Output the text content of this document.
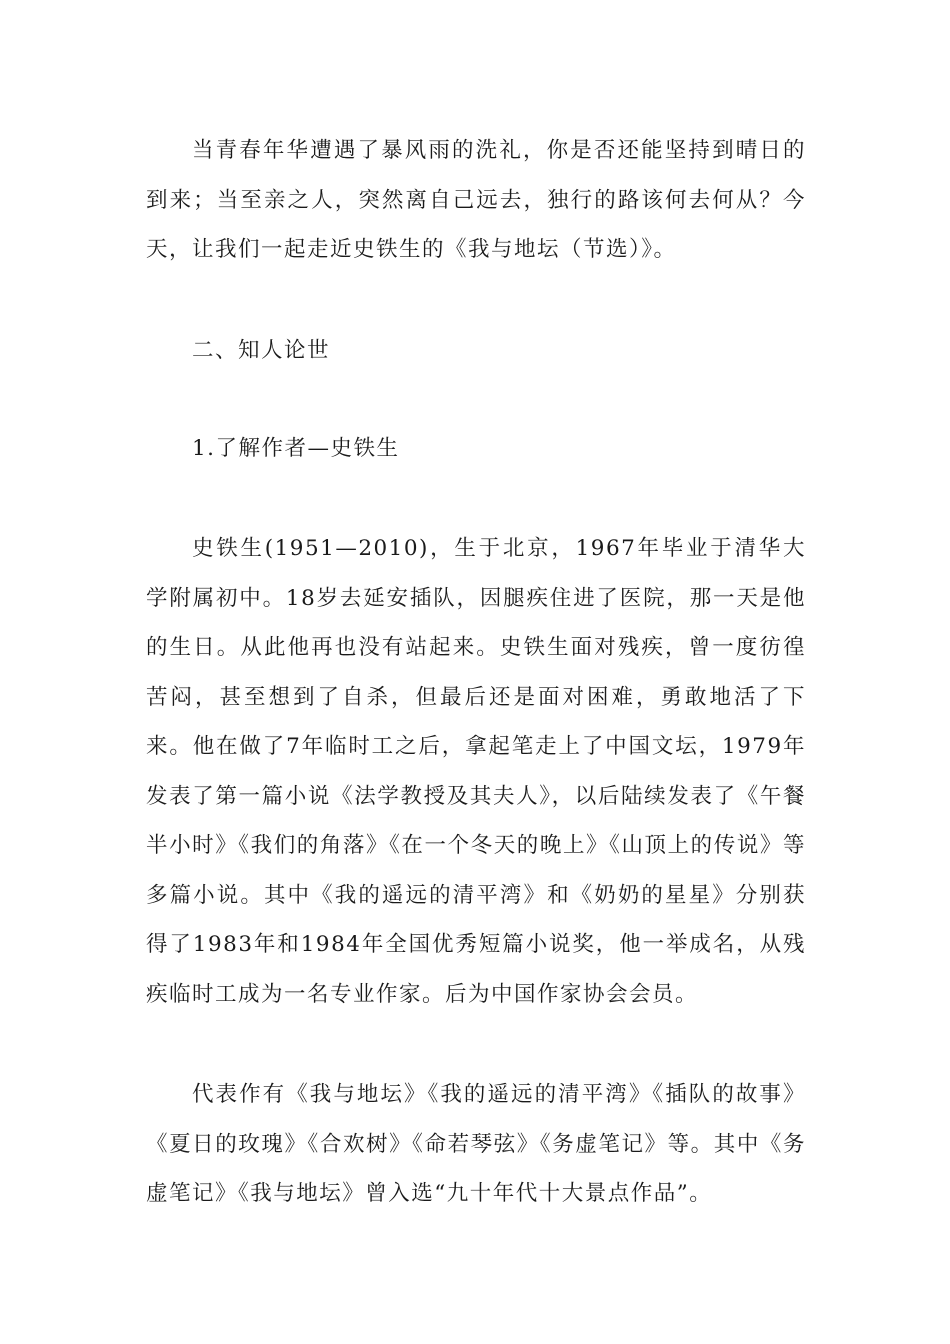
当青春年华遭遇了暴风雨的洗礼，你是否还能坚持到晴日的到来；当至亲之人，突然离自己远去，独行的路该何去何从？今天，让我们一起走近史铁生的《我与地坛（节选）》。

二、知人论世

1.了解作者—史铁生

史铁生(1951—2010)，生于北京，1967年毕业于清华大学附属初中。18岁去延安插队，因腿疾住进了医院，那一天是他的生日。从此他再也没有站起来。史铁生面对残疾，曾一度彷徨苦闷，甚至想到了自杀，但最后还是面对困难，勇敢地活了下来。他在做了7年临时工之后，拿起笔走上了中国文坛，1979年发表了第一篇小说《法学教授及其夫人》，以后陆续发表了《午餐半小时》《我们的角落》《在一个冬天的晚上》《山顶上的传说》等多篇小说。其中《我的遥远的清平湾》和《奶奶的星星》分别获得了1983年和1984年全国优秀短篇小说奖，他一举成名，从残疾临时工成为一名专业作家。后为中国作家协会会员。

代表作有《我与地坛》《我的遥远的清平湾》《插队的故事》《夏日的玫瑰》《合欢树》《命若琴弦》《务虚笔记》等。其中《务虚笔记》《我与地坛》曾入选“九十年代十大景点作品”。
